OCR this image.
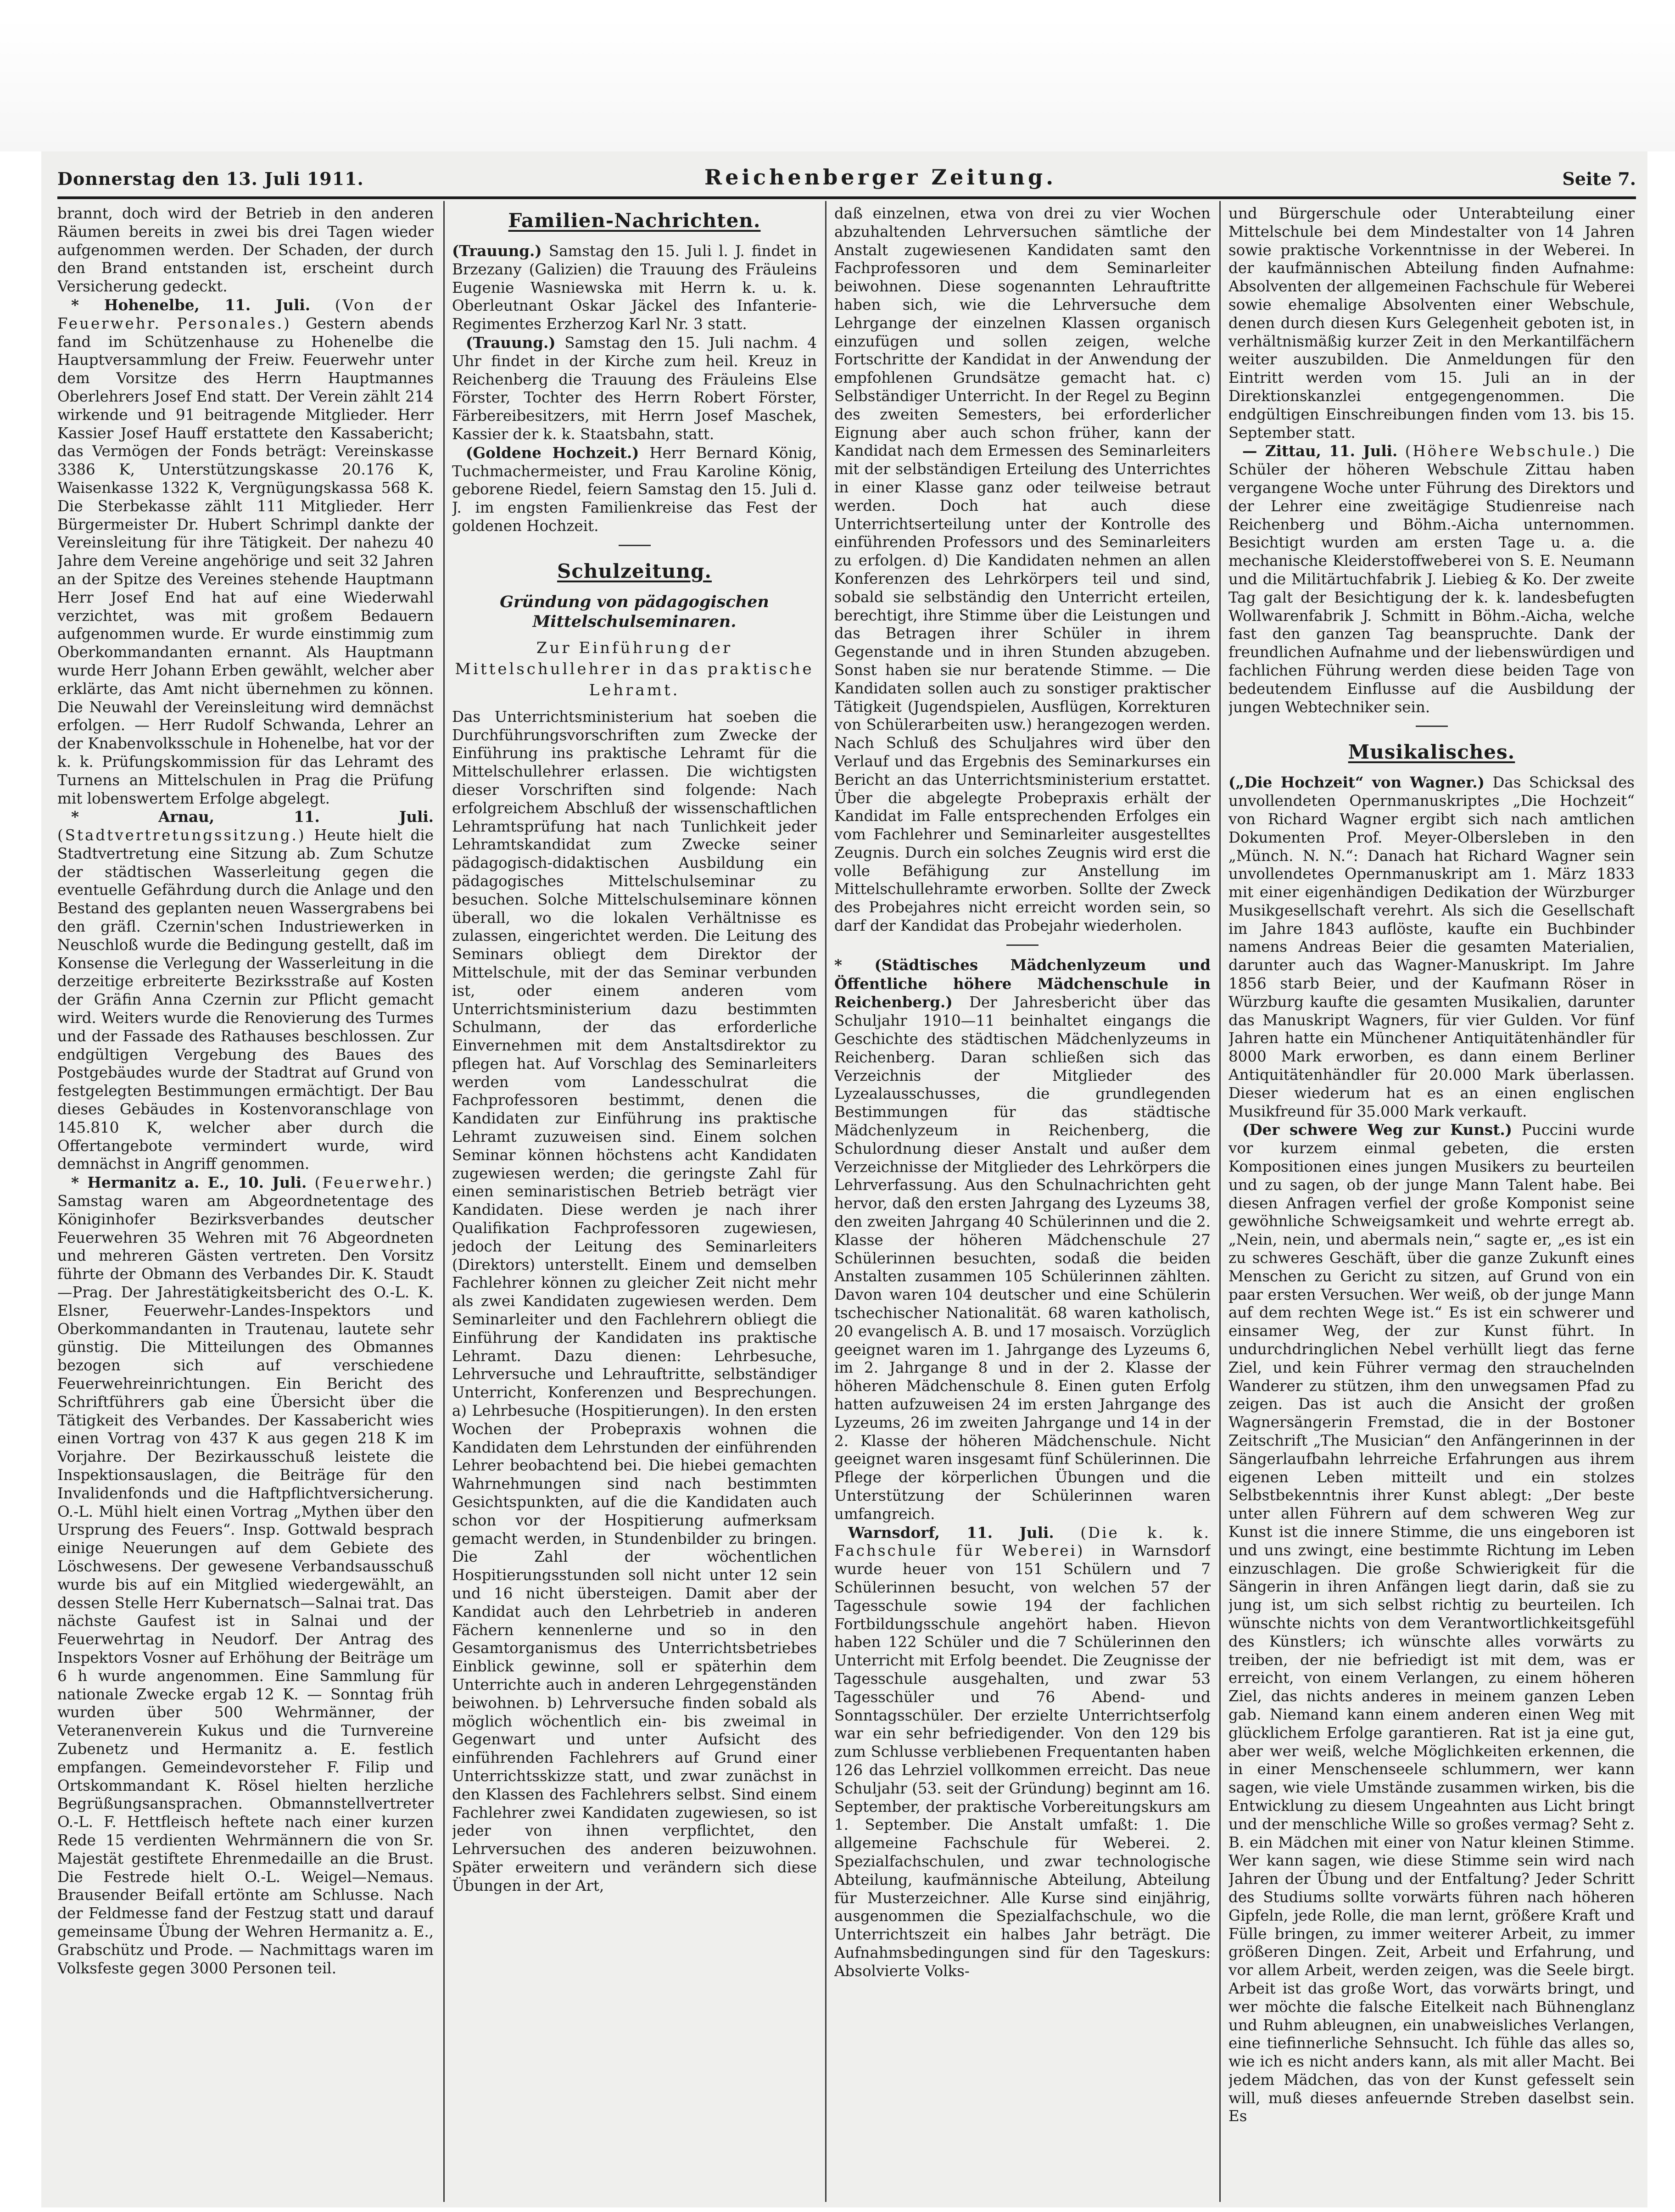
Donnerstag den 13. Juli 1911.	Reichenberger Zeitung.	Seite 7.

brannt, doch wird der Betrieb in den anderen Räumen bereits in zwei bis drei Tagen wieder aufgenommen werden. Der Schaden, der durch den Brand entstanden ist, erscheint durch Versicherung gedeckt.

* Hohenelbe, 11. Juli. (Von der Feuerwehr. Personales.) Gestern abends fand im Schützenhause zu Hohenelbe die Hauptversammlung der Freiw. Feuerwehr unter dem Vorsitze des Herrn Hauptmannes Oberlehrers Josef End statt. Der Verein zählt 214 wirkende und 91 beitragende Mitglieder. Herr Kassier Josef Hauff erstattete den Kassabericht; das Vermögen der Fonds beträgt: Vereinskasse 3386 K, Unterstützungskasse 20.176 K, Waisenkasse 1322 K, Vergnügungskassa 568 K. Die Sterbekasse zählt 111 Mitglieder. Herr Bürgermeister Dr. Hubert Schrimpl dankte der Vereinsleitung für ihre Tätigkeit. Der nahezu 40 Jahre dem Vereine angehörige und seit 32 Jahren an der Spitze des Vereines stehende Hauptmann Herr Josef End hat auf eine Wiederwahl verzichtet, was mit großem Bedauern aufgenommen wurde. Er wurde einstimmig zum Oberkommandanten ernannt. Als Hauptmann wurde Herr Johann Erben gewählt, welcher aber erklärte, das Amt nicht übernehmen zu können. Die Neuwahl der Vereinsleitung wird demnächst erfolgen. — Herr Rudolf Schwanda, Lehrer an der Knabenvolksschule in Hohenelbe, hat vor der k. k. Prüfungskommission für das Lehramt des Turnens an Mittelschulen in Prag die Prüfung mit lobenswertem Erfolge abgelegt.

* Arnau, 11. Juli. (Stadtvertretungssitzung.) Heute hielt die Stadtvertretung eine Sitzung ab. Zum Schutze der städtischen Wasserleitung gegen die eventuelle Gefährdung durch die Anlage und den Bestand des geplanten neuen Wassergrabens bei den gräfl. Czernin'schen Industriewerken in Neuschloß wurde die Bedingung gestellt, daß im Konsense die Verlegung der Wasserleitung in die derzeitige erbreiterte Bezirksstraße auf Kosten der Gräfin Anna Czernin zur Pflicht gemacht wird. Weiters wurde die Renovierung des Turmes und der Fassade des Rathauses beschlossen. Zur endgültigen Vergebung des Baues des Postgebäudes wurde der Stadtrat auf Grund von festgelegten Bestimmungen ermächtigt. Der Bau dieses Gebäudes in Kostenvoranschlage von 145.810 K, welcher aber durch die Offertangebote vermindert wurde, wird demnächst in Angriff genommen.

* Hermanitz a. E., 10. Juli. (Feuerwehr.) Samstag waren am Abgeordnetentage des Königinhofer Bezirksverbandes deutscher Feuerwehren 35 Wehren mit 76 Abgeordneten und mehreren Gästen vertreten. Den Vorsitz führte der Obmann des Verbandes Dir. K. Staudt—Prag. Der Jahrestätigkeitsbericht des O.-L. K. Elsner, Feuerwehr-Landes-Inspektors und Oberkommandanten in Trautenau, lautete sehr günstig. Die Mitteilungen des Obmannes bezogen sich auf verschiedene Feuerwehreinrichtungen. Ein Bericht des Schriftführers gab eine Übersicht über die Tätigkeit des Verbandes. Der Kassabericht wies einen Vortrag von 437 K aus gegen 218 K im Vorjahre. Der Bezirkausschuß leistete die Inspektionsauslagen, die Beiträge für den Invalidenfonds und die Haftpflichtversicherung. O.-L. Mühl hielt einen Vortrag „Mythen über den Ursprung des Feuers“. Insp. Gottwald besprach einige Neuerungen auf dem Gebiete des Löschwesens. Der gewesene Verbandsausschuß wurde bis auf ein Mitglied wiedergewählt, an dessen Stelle Herr Kubernatsch—Salnai trat. Das nächste Gaufest ist in Salnai und der Feuerwehrtag in Neudorf. Der Antrag des Inspektors Vosner auf Erhöhung der Beiträge um 6 h wurde angenommen. Eine Sammlung für nationale Zwecke ergab 12 K. — Sonntag früh wurden über 500 Wehrmänner, der Veteranenverein Kukus und die Turnvereine Zubenetz und Hermanitz a. E. festlich empfangen. Gemeindevorsteher F. Filip und Ortskommandant K. Rösel hielten herzliche Begrüßungsansprachen. Obmannstellvertreter O.-L. F. Hettfleisch heftete nach einer kurzen Rede 15 verdienten Wehrmännern die von Sr. Majestät gestiftete Ehrenmedaille an die Brust. Die Festrede hielt O.-L. Weigel—Nemaus. Brausender Beifall ertönte am Schlusse. Nach der Feldmesse fand der Festzug statt und darauf gemeinsame Übung der Wehren Hermanitz a. E., Grabschütz und Prode. — Nachmittags waren im Volksfeste gegen 3000 Personen teil.

Familien-Nachrichten.

(Trauung.) Samstag den 15. Juli l. J. findet in Brzezany (Galizien) die Trauung des Fräuleins Eugenie Wasniewska mit Herrn k. u. k. Oberleutnant Oskar Jäckel des Infanterie-Regimentes Erzherzog Karl Nr. 3 statt.

(Trauung.) Samstag den 15. Juli nachm. 4 Uhr findet in der Kirche zum heil. Kreuz in Reichenberg die Trauung des Fräuleins Else Förster, Tochter des Herrn Robert Förster, Färbereibesitzers, mit Herrn Josef Maschek, Kassier der k. k. Staatsbahn, statt.

(Goldene Hochzeit.) Herr Bernard König, Tuchmachermeister, und Frau Karoline König, geborene Riedel, feiern Samstag den 15. Juli d. J. im engsten Familienkreise das Fest der goldenen Hochzeit.

Schulzeitung.
Gründung von pädagogischen
Mittelschulseminaren.
Zur Einführung der Mittelschullehrer in das praktische Lehramt.

Das Unterrichtsministerium hat soeben die Durchführungsvorschriften zum Zwecke der Einführung ins praktische Lehramt für die Mittelschullehrer erlassen. Die wichtigsten dieser Vorschriften sind folgende: Nach erfolgreichem Abschluß der wissenschaftlichen Lehramtsprüfung hat nach Tunlichkeit jeder Lehramtskandidat zum Zwecke seiner pädagogisch-didaktischen Ausbildung ein pädagogisches Mittelschulseminar zu besuchen. Solche Mittelschulseminare können überall, wo die lokalen Verhältnisse es zulassen, eingerichtet werden. Die Leitung des Seminars obliegt dem Direktor der Mittelschule, mit der das Seminar verbunden ist, oder einem anderen vom Unterrichtsministerium dazu bestimmten Schulmann, der das erforderliche Einvernehmen mit dem Anstaltsdirektor zu pflegen hat. Auf Vorschlag des Seminarleiters werden vom Landesschulrat die Fachprofessoren bestimmt, denen die Kandidaten zur Einführung ins praktische Lehramt zuzuweisen sind. Einem solchen Seminar können höchstens acht Kandidaten zugewiesen werden; die geringste Zahl für einen seminaristischen Betrieb beträgt vier Kandidaten. Diese werden je nach ihrer Qualifikation Fachprofessoren zugewiesen, jedoch der Leitung des Seminarleiters (Direktors) unterstellt. Einem und demselben Fachlehrer können zu gleicher Zeit nicht mehr als zwei Kandidaten zugewiesen werden. Dem Seminarleiter und den Fachlehrern obliegt die Einführung der Kandidaten ins praktische Lehramt. Dazu dienen: Lehrbesuche, Lehrversuche und Lehrauftritte, selbständiger Unterricht, Konferenzen und Besprechungen. a) Lehrbesuche (Hospitierungen). In den ersten Wochen der Probepraxis wohnen die Kandidaten dem Lehrstunden der einführenden Lehrer beobachtend bei. Die hiebei gemachten Wahrnehmungen sind nach bestimmten Gesichtspunkten, auf die die Kandidaten auch schon vor der Hospitierung aufmerksam gemacht werden, in Stundenbilder zu bringen. Die Zahl der wöchentlichen Hospitierungsstunden soll nicht unter 12 sein und 16 nicht übersteigen. Damit aber der Kandidat auch den Lehrbetrieb in anderen Fächern kennenlerne und so in den Gesamtorganismus des Unterrichtsbetriebes Einblick gewinne, soll er späterhin dem Unterrichte auch in anderen Lehrgegenständen beiwohnen. b) Lehrversuche finden sobald als möglich wöchentlich ein- bis zweimal in Gegenwart und unter Aufsicht des einführenden Fachlehrers auf Grund einer Unterrichtsskizze statt, und zwar zunächst in den Klassen des Fachlehrers selbst. Sind einem Fachlehrer zwei Kandidaten zugewiesen, so ist jeder von ihnen verpflichtet, den Lehrversuchen des anderen beizuwohnen. Später erweitern und verändern sich diese Übungen in der Art,

daß einzelnen, etwa von drei zu vier Wochen abzuhaltenden Lehrversuchen sämtliche der Anstalt zugewiesenen Kandidaten samt den Fachprofessoren und dem Seminarleiter beiwohnen. Diese sogenannten Lehrauftritte haben sich, wie die Lehrversuche dem Lehrgange der einzelnen Klassen organisch einzufügen und sollen zeigen, welche Fortschritte der Kandidat in der Anwendung der empfohlenen Grundsätze gemacht hat. c) Selbständiger Unterricht. In der Regel zu Beginn des zweiten Semesters, bei erforderlicher Eignung aber auch schon früher, kann der Kandidat nach dem Ermessen des Seminarleiters mit der selbständigen Erteilung des Unterrichtes in einer Klasse ganz oder teilweise betraut werden. Doch hat auch diese Unterrichtserteilung unter der Kontrolle des einführenden Professors und des Seminarleiters zu erfolgen. d) Die Kandidaten nehmen an allen Konferenzen des Lehrkörpers teil und sind, sobald sie selbständig den Unterricht erteilen, berechtigt, ihre Stimme über die Leistungen und das Betragen ihrer Schüler in ihrem Gegenstande und in ihren Stunden abzugeben. Sonst haben sie nur beratende Stimme. — Die Kandidaten sollen auch zu sonstiger praktischer Tätigkeit (Jugendspielen, Ausflügen, Korrekturen von Schülerarbeiten usw.) herangezogen werden. Nach Schluß des Schuljahres wird über den Verlauf und das Ergebnis des Seminarkurses ein Bericht an das Unterrichtsministerium erstattet. Über die abgelegte Probepraxis erhält der Kandidat im Falle entsprechenden Erfolges ein vom Fachlehrer und Seminarleiter ausgestelltes Zeugnis. Durch ein solches Zeugnis wird erst die volle Befähigung zur Anstellung im Mittelschullehramte erworben. Sollte der Zweck des Probejahres nicht erreicht worden sein, so darf der Kandidat das Probejahr wiederholen.

* (Städtisches Mädchenlyzeum und Öffentliche höhere Mädchenschule in Reichenberg.) Der Jahresbericht über das Schuljahr 1910—11 beinhaltet eingangs die Geschichte des städtischen Mädchenlyzeums in Reichenberg. Daran schließen sich das Verzeichnis der Mitglieder des Lyzealausschusses, die grundlegenden Bestimmungen für das städtische Mädchenlyzeum in Reichenberg, die Schulordnung dieser Anstalt und außer dem Verzeichnisse der Mitglieder des Lehrkörpers die Lehrverfassung. Aus den Schulnachrichten geht hervor, daß den ersten Jahrgang des Lyzeums 38, den zweiten Jahrgang 40 Schülerinnen und die 2. Klasse der höheren Mädchenschule 27 Schülerinnen besuchten, sodaß die beiden Anstalten zusammen 105 Schülerinnen zählten. Davon waren 104 deutscher und eine Schülerin tschechischer Nationalität. 68 waren katholisch, 20 evangelisch A. B. und 17 mosaisch. Vorzüglich geeignet waren im 1. Jahrgange des Lyzeums 6, im 2. Jahrgange 8 und in der 2. Klasse der höheren Mädchenschule 8. Einen guten Erfolg hatten aufzuweisen 24 im ersten Jahrgange des Lyzeums, 26 im zweiten Jahrgange und 14 in der 2. Klasse der höheren Mädchenschule. Nicht geeignet waren insgesamt fünf Schülerinnen. Die Pflege der körperlichen Übungen und die Unterstützung der Schülerinnen waren umfangreich.

Warnsdorf, 11. Juli. (Die k. k. Fachschule für Weberei) in Warnsdorf wurde heuer von 151 Schülern und 7 Schülerinnen besucht, von welchen 57 der Tagesschule sowie 194 der fachlichen Fortbildungsschule angehört haben. Hievon haben 122 Schüler und die 7 Schülerinnen den Unterricht mit Erfolg beendet. Die Zeugnisse der Tagesschule ausgehalten, und zwar 53 Tagesschüler und 76 Abend- und Sonntagsschüler. Der erzielte Unterrichtserfolg war ein sehr befriedigender. Von den 129 bis zum Schlusse verbliebenen Frequentanten haben 126 das Lehrziel vollkommen erreicht. Das neue Schuljahr (53. seit der Gründung) beginnt am 16. September, der praktische Vorbereitungskurs am 1. September. Die Anstalt umfaßt: 1. Die allgemeine Fachschule für Weberei. 2. Spezialfachschulen, und zwar technologische Abteilung, kaufmännische Abteilung, Abteilung für Musterzeichner. Alle Kurse sind einjährig, ausgenommen die Spezialfachschule, wo die Unterrichtszeit ein halbes Jahr beträgt. Die Aufnahmsbedingungen sind für den Tageskurs: Absolvierte Volks-

und Bürgerschule oder Unterabteilung einer Mittelschule bei dem Mindestalter von 14 Jahren sowie praktische Vorkenntnisse in der Weberei. In der kaufmännischen Abteilung finden Aufnahme: Absolventen der allgemeinen Fachschule für Weberei sowie ehemalige Absolventen einer Webschule, denen durch diesen Kurs Gelegenheit geboten ist, in verhältnismäßig kurzer Zeit in den Merkantilfächern weiter auszubilden. Die Anmeldungen für den Eintritt werden vom 15. Juli an in der Direktionskanzlei entgegengenommen. Die endgültigen Einschreibungen finden vom 13. bis 15. September statt.

— Zittau, 11. Juli. (Höhere Webschule.) Die Schüler der höheren Webschule Zittau haben vergangene Woche unter Führung des Direktors und der Lehrer eine zweitägige Studienreise nach Reichenberg und Böhm.-Aicha unternommen. Besichtigt wurden am ersten Tage u. a. die mechanische Kleiderstoffweberei von S. E. Neumann und die Militärtuchfabrik J. Liebieg & Ko. Der zweite Tag galt der Besichtigung der k. k. landesbefugten Wollwarenfabrik J. Schmitt in Böhm.-Aicha, welche fast den ganzen Tag beanspruchte. Dank der freundlichen Aufnahme und der liebenswürdigen und fachlichen Führung werden diese beiden Tage von bedeutendem Einflusse auf die Ausbildung der jungen Webtechniker sein.

Musikalisches.

(„Die Hochzeit“ von Wagner.) Das Schicksal des unvollendeten Opernmanuskriptes „Die Hochzeit“ von Richard Wagner ergibt sich nach amtlichen Dokumenten Prof. Meyer-Olbersleben in den „Münch. N. N.“: Danach hat Richard Wagner sein unvollendetes Opernmanuskript am 1. März 1833 mit einer eigenhändigen Dedikation der Würzburger Musikgesellschaft verehrt. Als sich die Gesellschaft im Jahre 1843 auflöste, kaufte ein Buchbinder namens Andreas Beier die gesamten Materialien, darunter auch das Wagner-Manuskript. Im Jahre 1856 starb Beier, und der Kaufmann Röser in Würzburg kaufte die gesamten Musikalien, darunter das Manuskript Wagners, für vier Gulden. Vor fünf Jahren hatte ein Münchener Antiquitätenhändler für 8000 Mark erworben, es dann einem Berliner Antiquitätenhändler für 20.000 Mark überlassen. Dieser wiederum hat es an einen englischen Musikfreund für 35.000 Mark verkauft.

(Der schwere Weg zur Kunst.) Puccini wurde vor kurzem einmal gebeten, die ersten Kompositionen eines jungen Musikers zu beurteilen und zu sagen, ob der junge Mann Talent habe. Bei diesen Anfragen verfiel der große Komponist seine gewöhnliche Schweigsamkeit und wehrte erregt ab. „Nein, nein, und abermals nein,“ sagte er, „es ist ein zu schweres Geschäft, über die ganze Zukunft eines Menschen zu Gericht zu sitzen, auf Grund von ein paar ersten Versuchen. Wer weiß, ob der junge Mann auf dem rechten Wege ist.“ Es ist ein schwerer und einsamer Weg, der zur Kunst führt. In undurchdringlichen Nebel verhüllt liegt das ferne Ziel, und kein Führer vermag den strauchelnden Wanderer zu stützen, ihm den unwegsamen Pfad zu zeigen. Das ist auch die Ansicht der großen Wagnersängerin Fremstad, die in der Bostoner Zeitschrift „The Musician“ den Anfängerinnen in der Sängerlaufbahn lehrreiche Erfahrungen aus ihrem eigenen Leben mitteilt und ein stolzes Selbstbekenntnis ihrer Kunst ablegt: „Der beste unter allen Führern auf dem schweren Weg zur Kunst ist die innere Stimme, die uns eingeboren ist und uns zwingt, eine bestimmte Richtung im Leben einzuschlagen. Die große Schwierigkeit für die Sängerin in ihren Anfängen liegt darin, daß sie zu jung ist, um sich selbst richtig zu beurteilen. Ich wünschte nichts von dem Verantwortlichkeitsgefühl des Künstlers; ich wünschte alles vorwärts zu treiben, der nie befriedigt ist mit dem, was er erreicht, von einem Verlangen, zu einem höheren Ziel, das nichts anderes in meinem ganzen Leben gab. Niemand kann einem anderen einen Weg mit glücklichem Erfolge garantieren. Rat ist ja eine gut, aber wer weiß, welche Möglichkeiten erkennen, die in einer Menschenseele schlummern, wer kann sagen, wie viele Umstände zusammen wirken, bis die Entwicklung zu diesem Ungeahnten aus Licht bringt und der menschliche Wille so großes vermag? Seht z. B. ein Mädchen mit einer von Natur kleinen Stimme. Wer kann sagen, wie diese Stimme sein wird nach Jahren der Übung und der Entfaltung? Jeder Schritt des Studiums sollte vorwärts führen nach höheren Gipfeln, jede Rolle, die man lernt, größere Kraft und Fülle bringen, zu immer weiterer Arbeit, zu immer größeren Dingen. Zeit, Arbeit und Erfahrung, und vor allem Arbeit, werden zeigen, was die Seele birgt. Arbeit ist das große Wort, das vorwärts bringt, und wer möchte die falsche Eitelkeit nach Bühnenglanz und Ruhm ableugnen, ein unabweisliches Verlangen, eine tiefinnerliche Sehnsucht. Ich fühle das alles so, wie ich es nicht anders kann, als mit aller Macht. Bei jedem Mädchen, das von der Kunst gefesselt sein will, muß dieses anfeuernde Streben daselbst sein. Es
